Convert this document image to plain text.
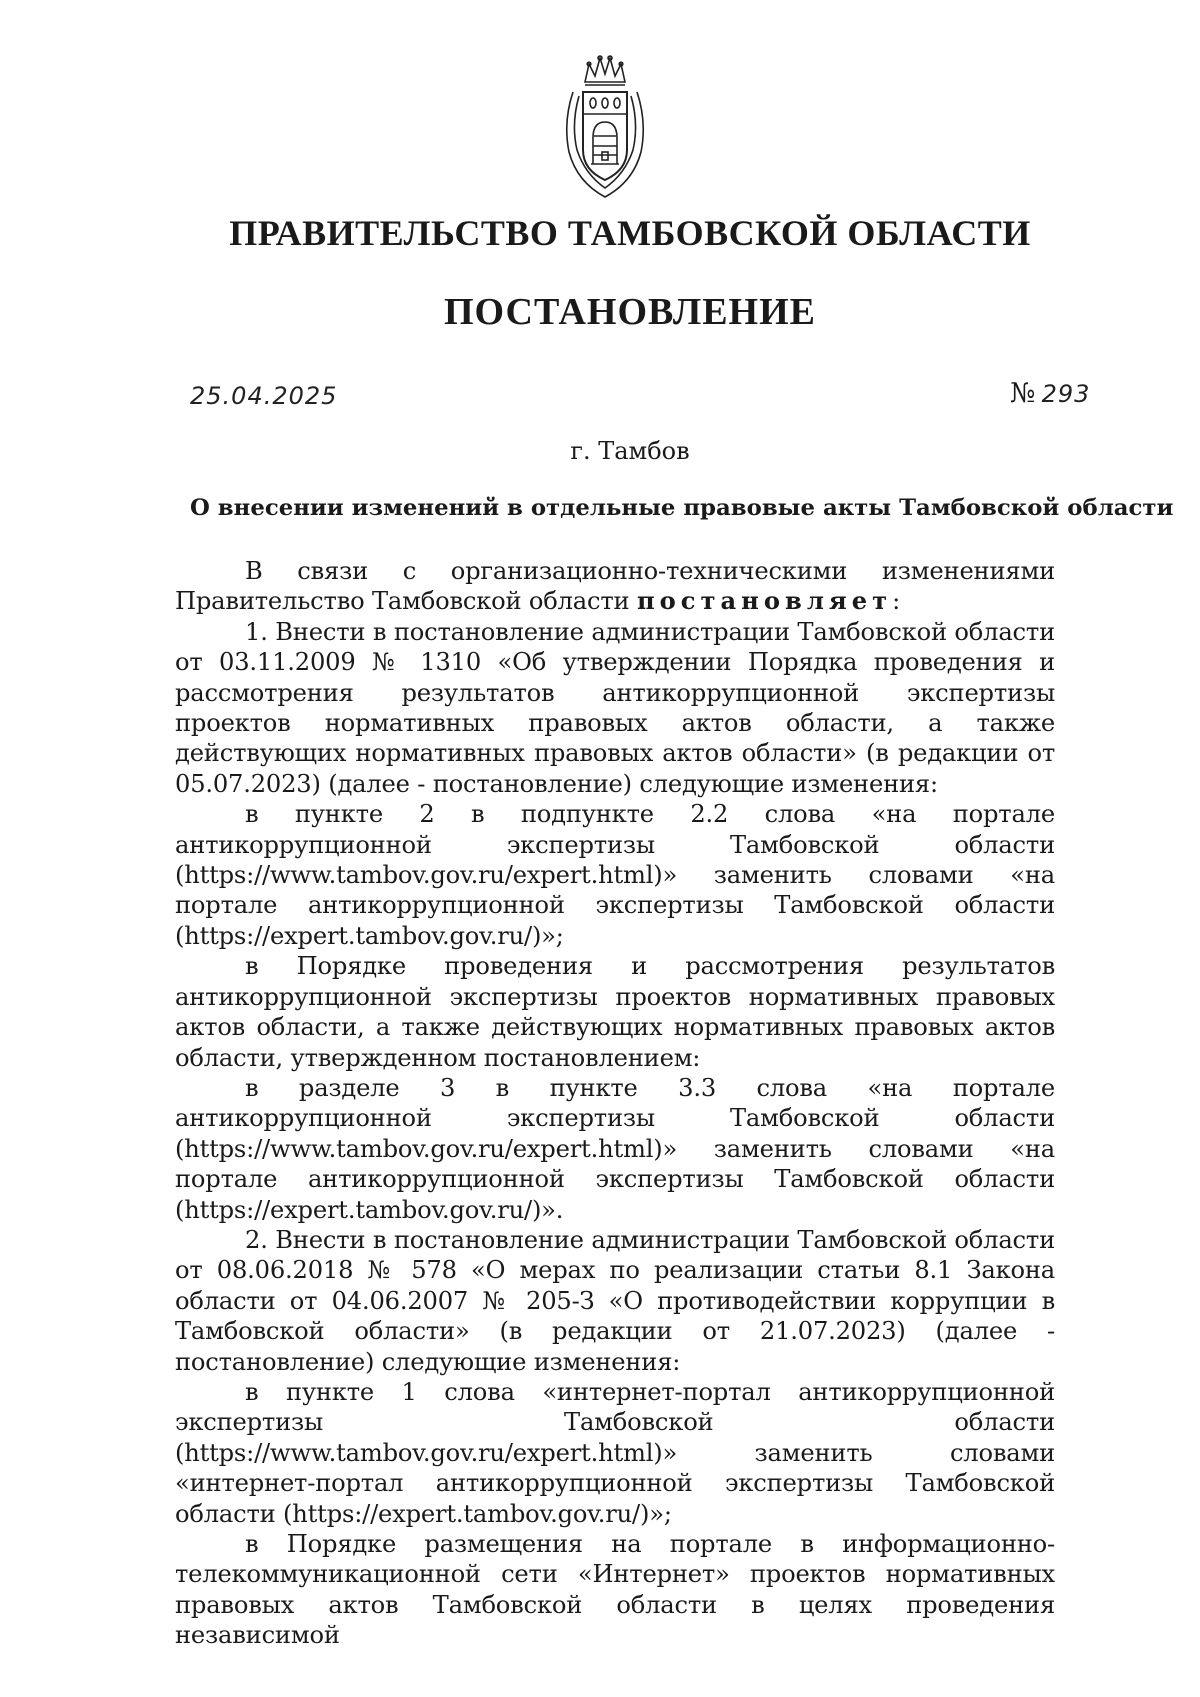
ПРАВИТЕЛЬСТВО ТАМБОВСКОЙ ОБЛАСТИ
ПОСТАНОВЛЕНИЕ
25.04.2025	№ 293
г. Тамбов
О внесении изменений в отдельные правовые акты Тамбовской области

В связи с организационно-техническими изменениями Правительство Тамбовской области постановляет:

1. Внести в постановление администрации Тамбовской области от 03.11.2009 № 1310 «Об утверждении Порядка проведения и рассмотрения результатов антикоррупционной экспертизы проектов нормативных правовых актов области, а также действующих нормативных правовых актов области» (в редакции от 05.07.2023) (далее - постановление) следующие изменения:

в пункте 2 в подпункте 2.2 слова «на портале антикоррупционной экспертизы Тамбовской области (https://www.tambov.gov.ru/expert.html)» заменить словами «на портале антикоррупционной экспертизы Тамбовской области (https://expert.tambov.gov.ru/)»;

в Порядке проведения и рассмотрения результатов антикоррупционной экспертизы проектов нормативных правовых актов области, а также действующих нормативных правовых актов области, утвержденном постановлением:

в разделе 3 в пункте 3.3 слова «на портале антикоррупционной экспертизы Тамбовской области (https://www.tambov.gov.ru/expert.html)» заменить словами «на портале антикоррупционной экспертизы Тамбовской области (https://expert.tambov.gov.ru/)».

2. Внести в постановление администрации Тамбовской области от 08.06.2018 № 578 «О мерах по реализации статьи 8.1 Закона области от 04.06.2007 № 205-З «О противодействии коррупции в Тамбовской области» (в редакции от 21.07.2023) (далее - постановление) следующие изменения:

в пункте 1 слова «интернет-портал антикоррупционной экспертизы Тамбовской области (https://www.tambov.gov.ru/expert.html)» заменить словами «интернет-портал антикоррупционной экспертизы Тамбовской области (https://expert.tambov.gov.ru/)»;

в Порядке размещения на портале в информационно-телекоммуникационной сети «Интернет» проектов нормативных правовых актов Тамбовской области в целях проведения независимой
